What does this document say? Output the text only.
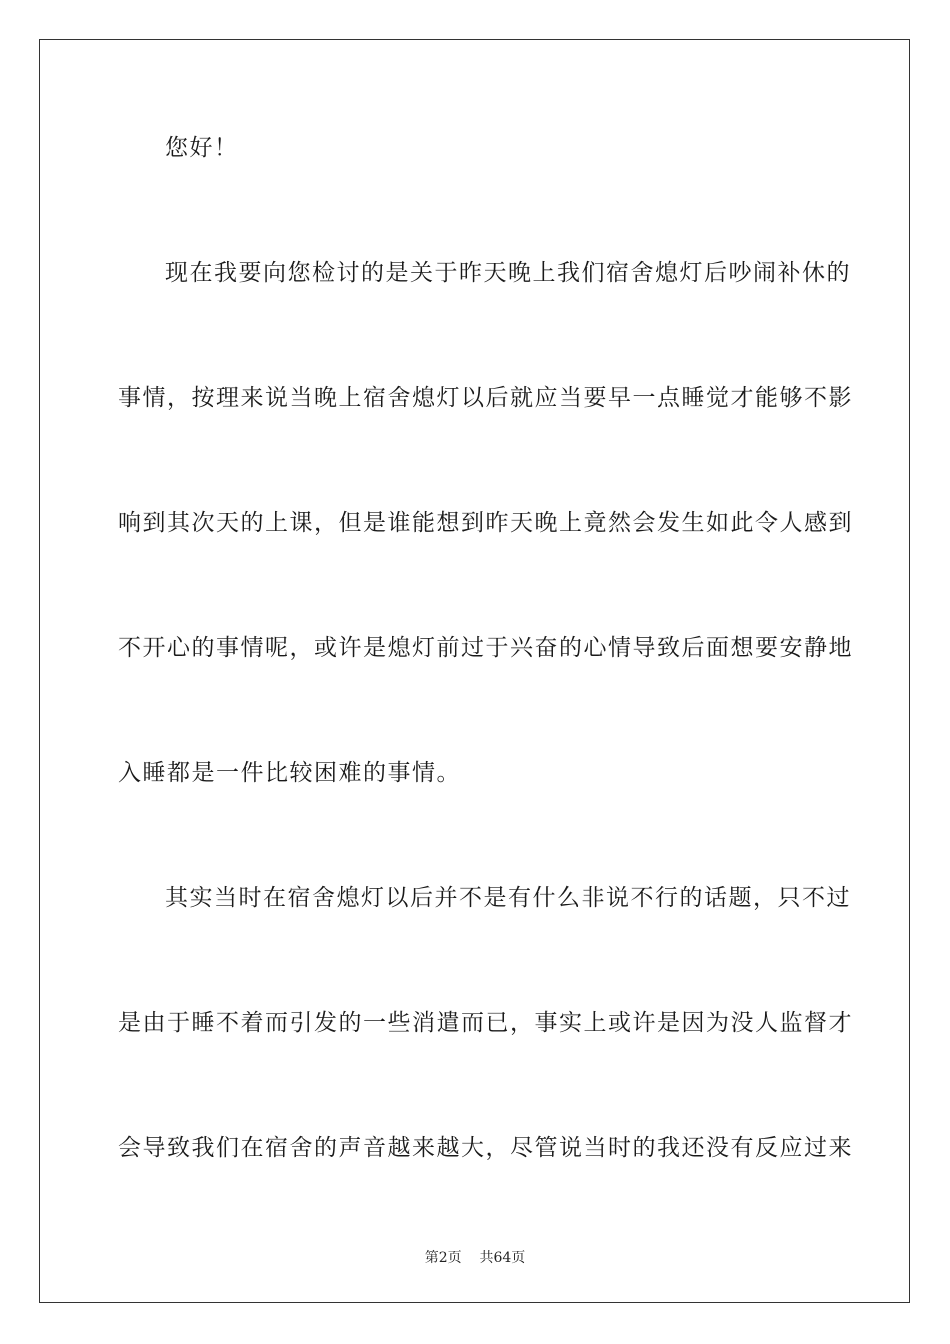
您好！
现在我要向您检讨的是关于昨天晚上我们宿舍熄灯后吵闹补休的
事情，按理来说当晚上宿舍熄灯以后就应当要早一点睡觉才能够不影
响到其次天的上课，但是谁能想到昨天晚上竟然会发生如此令人感到
不开心的事情呢，或许是熄灯前过于兴奋的心情导致后面想要安静地
入睡都是一件比较困难的事情。
其实当时在宿舍熄灯以后并不是有什么非说不行的话题，只不过
是由于睡不着而引发的一些消遣而已，事实上或许是因为没人监督才
会导致我们在宿舍的声音越来越大，尽管说当时的我还没有反应过来
第2页 共64页
